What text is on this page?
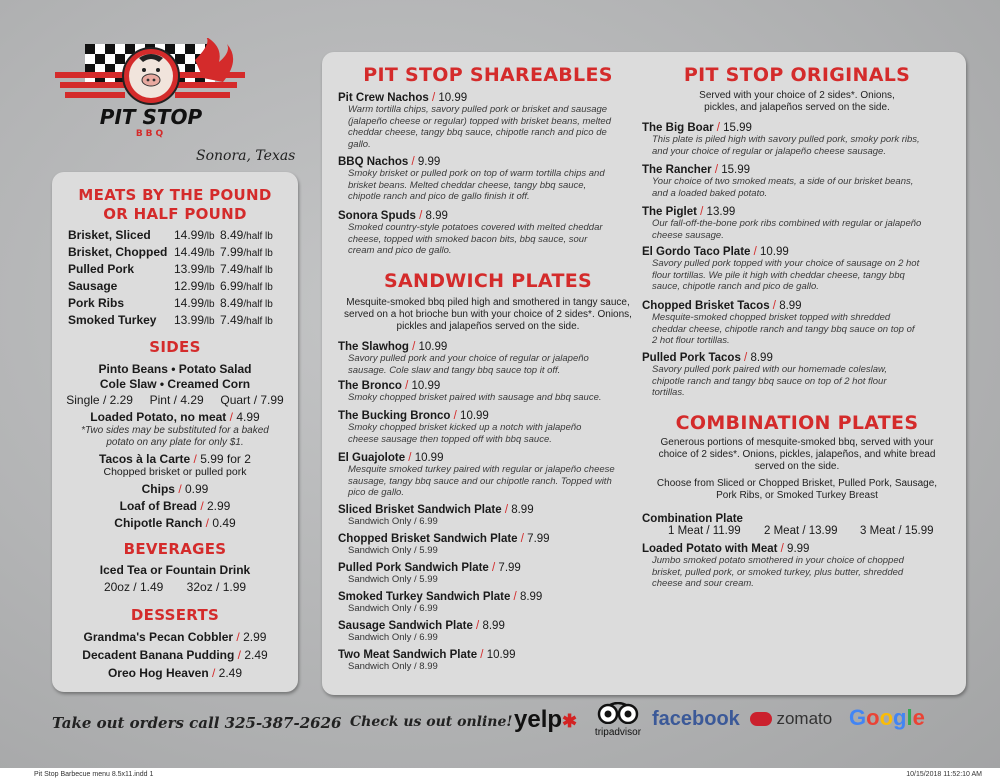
PIT STOP
BBQ
Sonora, Texas
MEATS BY THE POUND
OR HALF POUND
Brisket, Sliced 14.99/lb 8.49/half lb
Brisket, Chopped 14.49/lb 7.99/half lb
Pulled Pork	13.99/lb 7.49/half lb
Sausage	12.99/lb 6.99/half lb
Pork Ribs	14.99/lb 8.49/half lb
Smoked Turkey 13.99/lb 7.49/half lb
SIDES
Pinto Beans • Potato Salad
Cole Slaw • Creamed Corn
Single / 2.29 Pint / 4.29 Quart / 7.99
Loaded Potato, no meat / 4.99
*Two sides may be substituted for a baked
potato on any plate for only $1.
Tacos à la Carte / 5.99 for 2
Chopped brisket or pulled pork
Chips / 0.99
Loaf of Bread / 2.99
Chipotle Ranch / 0.49
BEVERAGES
Iced Tea or Fountain Drink
20oz / 1.49 32oz / 1.99
DESSERTS
Grandma's Pecan Cobbler / 2.99
Decadent Banana Pudding / 2.49
Oreo Hog Heaven / 2.49
PIT STOP SHAREABLES
Pit Crew Nachos / 10.99
Warm tortilla chips, savory pulled pork or brisket and sausage
(jalapeño cheese or regular) topped with brisket beans, melted
cheddar cheese, tangy bbq sauce, chipotle ranch and pico de
gallo.
BBQ Nachos / 9.99
Smoky brisket or pulled pork on top of warm tortilla chips and
brisket beans. Melted cheddar cheese, tangy bbq sauce,
chipotle ranch and pico de gallo finish it off.
Sonora Spuds / 8.99
Smoked country-style potatoes covered with melted cheddar
cheese, topped with smoked bacon bits, bbq sauce, sour
cream and pico de gallo.
SANDWICH PLATES
Mesquite-smoked bbq piled high and smothered in tangy sauce,
served on a hot brioche bun with your choice of 2 sides*. Onions,
pickles and jalapeños served on the side.
The Slawhog / 10.99
Savory pulled pork and your choice of regular or jalapeño
sausage. Cole slaw and tangy bbq sauce top it off.
The Bronco / 10.99
Smoky chopped brisket paired with sausage and bbq sauce.
The Bucking Bronco / 10.99
Smoky chopped brisket kicked up a notch with jalapeño
cheese sausage then topped off with bbq sauce.
El Guajolote / 10.99
Mesquite smoked turkey paired with regular or jalapeño cheese
sausage, tangy bbq sauce and our chipotle ranch. Topped with
pico de gallo.
Sliced Brisket Sandwich Plate / 8.99
Sandwich Only / 6.99
Chopped Brisket Sandwich Plate / 7.99
Sandwich Only / 5.99
Pulled Pork Sandwich Plate / 7.99
Sandwich Only / 5.99
Smoked Turkey Sandwich Plate / 8.99
Sandwich Only / 6.99
Sausage Sandwich Plate / 8.99
Sandwich Only / 6.99
Two Meat Sandwich Plate / 10.99
Sandwich Only / 8.99
PIT STOP ORIGINALS
Served with your choice of 2 sides*. Onions,
pickles, and jalapeños served on the side.
The Big Boar / 15.99
This plate is piled high with savory pulled pork, smoky pork ribs,
and your choice of regular or jalapeño cheese sausage.
The Rancher / 15.99
Your choice of two smoked meats, a side of our brisket beans,
and a loaded baked potato.
The Piglet / 13.99
Our fall-off-the-bone pork ribs combined with regular or jalapeño
cheese sausage.
El Gordo Taco Plate / 10.99
Savory pulled pork topped with your choice of sausage on 2 hot
flour tortillas. We pile it high with cheddar cheese, tangy bbq
sauce, chipotle ranch and pico de gallo.
Chopped Brisket Tacos / 8.99
Mesquite-smoked chopped brisket topped with shredded
cheddar cheese, chipotle ranch and tangy bbq sauce on top of
2 hot flour tortillas.
Pulled Pork Tacos / 8.99
Savory pulled pork paired with our homemade coleslaw,
chipotle ranch and tangy bbq sauce on top of 2 hot flour
tortillas.
COMBINATION PLATES
Generous portions of mesquite-smoked bbq, served with your
choice of 2 sides*. Onions, pickles, jalapeños, and white bread
served on the side.
Choose from Sliced or Chopped Brisket, Pulled Pork, Sausage,
Pork Ribs, or Smoked Turkey Breast
Combination Plate
1 Meat / 11.99 2 Meat / 13.99 3 Meat / 15.99
Loaded Potato with Meat / 9.99
Jumbo smoked potato smothered in your choice of chopped
brisket, pulled pork, or smoked turkey, plus butter, shredded
cheese and sour cream.
Take out orders call 325-387-2626 Check us out online! yelp✱
tripadvisor
facebook	zomato Google
Pit Stop Barbecue menu 8.5x11.indd 1	10/15/2018 11:52:10 AM
